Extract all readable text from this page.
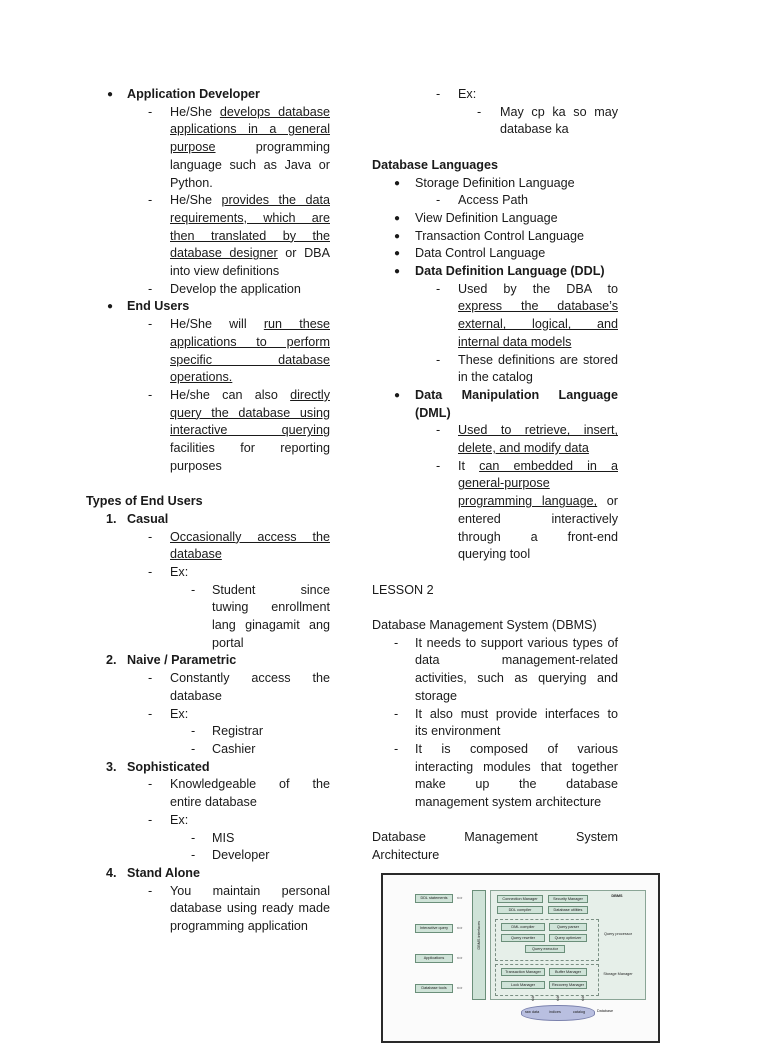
● Application Developer
- He/She develops database
applications in a general
purpose programming
language such as Java or
Python.
- He/She provides the data
requirements, which are
then translated by the
database designer or DBA
into view definitions
- Develop the application
● End Users
- He/She will run these
applications to perform
specific database
operations.
- He/she can also directly
query the database using
interactive querying
facilities for reporting
purposes
Types of End Users
1. Casual
- Occasionally access the
database
- Ex:
- Student since
tuwing enrollment
lang ginagamit ang
portal
2. Naive / Parametric
- Constantly access the
database
- Ex:
- Registrar
- Cashier
3. Sophisticated
- Knowledgeable of the
entire database
- Ex:
- MIS
- Developer
4. Stand Alone
- You maintain personal
database using ready made
programming application
- Ex:
- May cp ka so may
database ka
Database Languages
● Storage Definition Language
- Access Path
● View Definition Language
● Transaction Control Language
● Data Control Language
● Data Definition Language (DDL)
- Used by the DBA to
express the database’s
external, logical, and
internal data models
- These definitions are stored
in the catalog
● Data Manipulation Language
(DML)
- Used to retrieve, insert,
delete, and modify data
- It can embedded in a
general-purpose
programming language, or
entered interactively
through a front-end
querying tool
LESSON 2
Database Management System (DBMS)
- It needs to support various types of
data management-related
activities, such as querying and
storage
- It also must provide interfaces to
its environment
- It is composed of various
interacting modules that together
make up the database
management system architecture
Database Management System
Architecture
DDL statements
Interactive query
Applications
Database tools
⇔
⇔
⇔
⇔
DBMS interfaces
DBMS
Connection Manager	Security Manager
DDL compiler	Database utilities
DML compiler	Query parser
Query rewriter	Query optimizer
Query executor
Query processor
Transaction Manager	Buffer Manager
Lock Manager	Recovery Manager
Storage Manager
⇕	⇕	⇕
raw data	indices	catalog	Database
